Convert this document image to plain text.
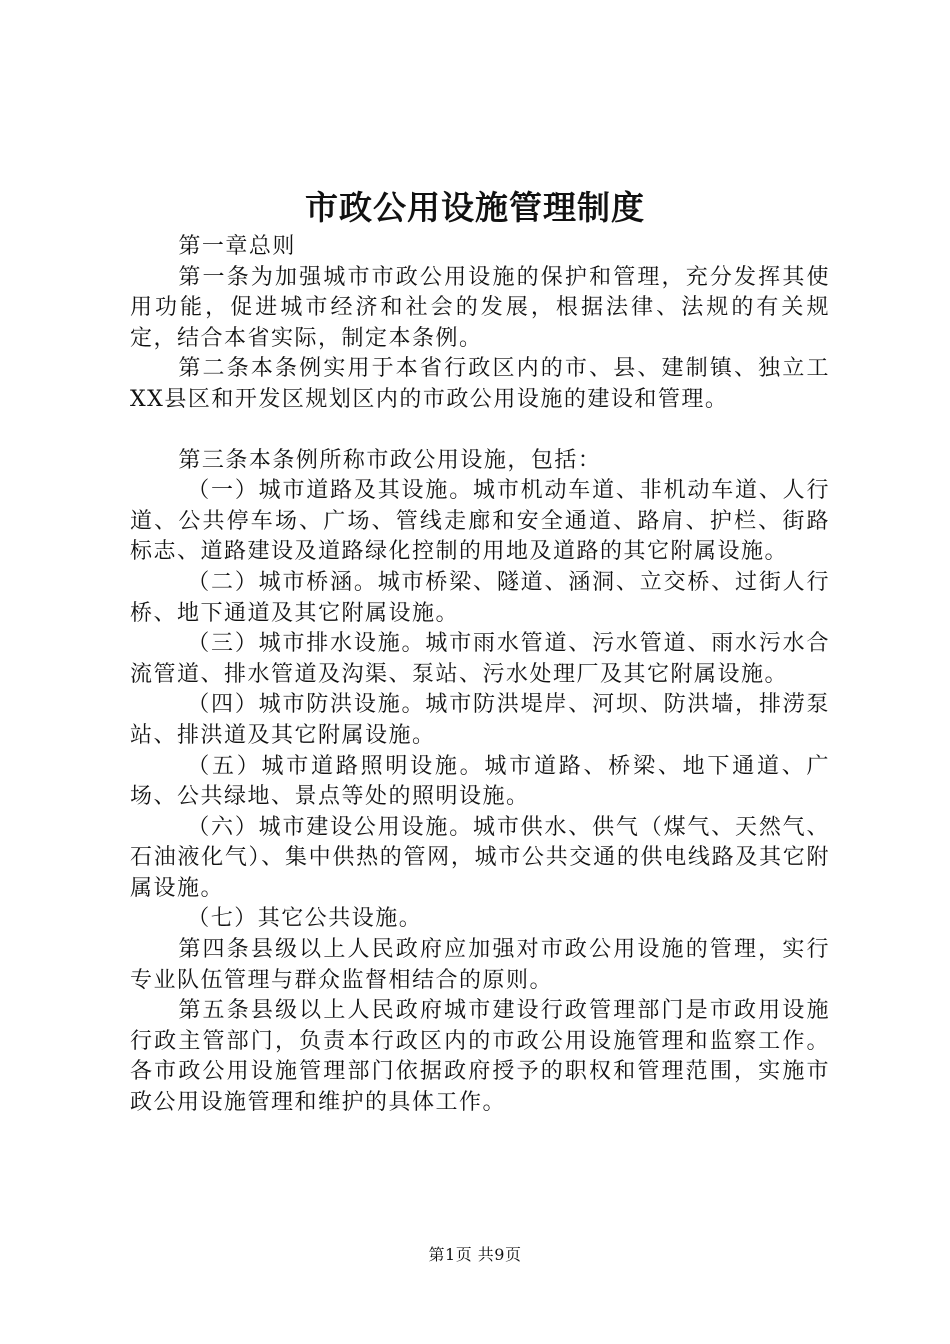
市政公用设施管理制度

第一章总则

第一条为加强城市市政公用设施的保护和管理，充分发挥其使用功能，促进城市经济和社会的发展，根据法律、法规的有关规定，结合本省实际，制定本条例。

第二条本条例实用于本省行政区内的市、县、建制镇、独立工XX县区和开发区规划区内的市政公用设施的建设和管理。

第三条本条例所称市政公用设施，包括：

（一）城市道路及其设施。城市机动车道、非机动车道、人行道、公共停车场、广场、管线走廊和安全通道、路肩、护栏、街路标志、道路建设及道路绿化控制的用地及道路的其它附属设施。

（二）城市桥涵。城市桥梁、隧道、涵洞、立交桥、过街人行桥、地下通道及其它附属设施。

（三）城市排水设施。城市雨水管道、污水管道、雨水污水合流管道、排水管道及沟渠、泵站、污水处理厂及其它附属设施。

（四）城市防洪设施。城市防洪堤岸、河坝、防洪墙，排涝泵站、排洪道及其它附属设施。

（五）城市道路照明设施。城市道路、桥梁、地下通道、广场、公共绿地、景点等处的照明设施。

（六）城市建设公用设施。城市供水、供气（煤气、天然气、石油液化气）、集中供热的管网，城市公共交通的供电线路及其它附属设施。

（七）其它公共设施。

第四条县级以上人民政府应加强对市政公用设施的管理，实行专业队伍管理与群众监督相结合的原则。

第五条县级以上人民政府城市建设行政管理部门是市政用设施行政主管部门，负责本行政区内的市政公用设施管理和监察工作。各市政公用设施管理部门依据政府授予的职权和管理范围，实施市政公用设施管理和维护的具体工作。

第1页 共9页
